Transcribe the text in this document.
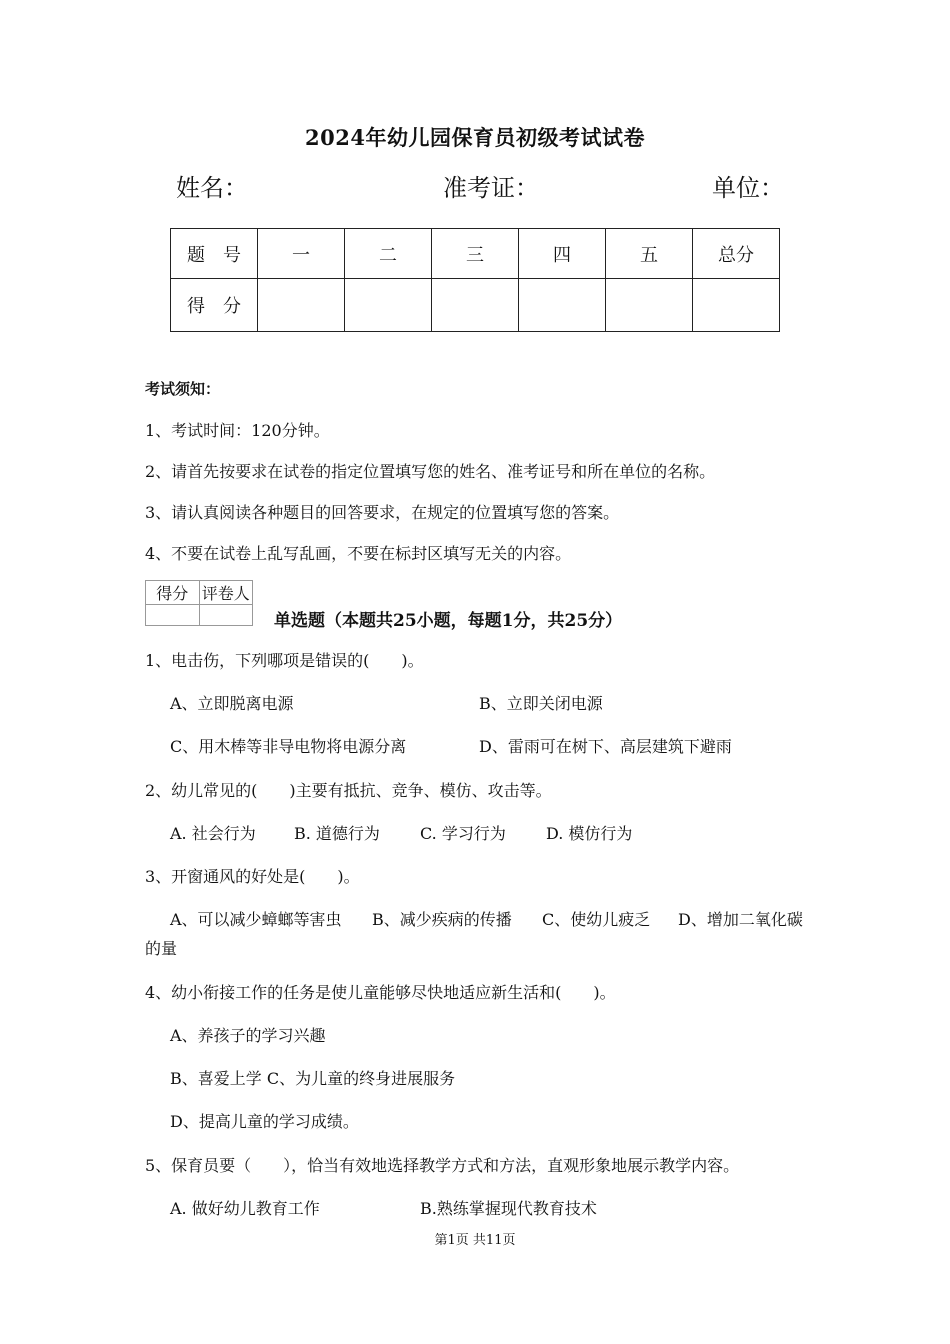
2024年幼儿园保育员初级考试试卷
姓名：	准考证：	单位：
题　号	一	二	三	四	五	总分
得　分						
考试须知：
1、考试时间：120分钟。
2、请首先按要求在试卷的指定位置填写您的姓名、准考证号和所在单位的名称。
3、请认真阅读各种题目的回答要求，在规定的位置填写您的答案。
4、不要在试卷上乱写乱画，不要在标封区填写无关的内容。
得分	评卷人

单选题（本题共25小题，每题1分，共25分）
1、电击伤，下列哪项是错误的(　　)。
A、立即脱离电源	B、立即关闭电源
C、用木棒等非导电物将电源分离	D、雷雨可在树下、高层建筑下避雨
2、幼儿常见的(　　)主要有抵抗、竞争、模仿、攻击等。
A. 社会行为 B. 道德行为	C. 学习行为	D. 模仿行为
3、开窗通风的好处是(　　)。
A、可以减少蟑螂等害虫 B、减少疾病的传播 C、使幼儿疲乏 D、增加二氧化碳
的量
4、幼小衔接工作的任务是使儿童能够尽快地适应新生活和(　　)。
A、养孩子的学习兴趣
B、喜爱上学 C、为儿童的终身进展服务
D、提高儿童的学习成绩。
5、保育员要（　　），恰当有效地选择教学方式和方法，直观形象地展示教学内容。
A. 做好幼儿教育工作	B.熟练掌握现代教育技术
第1页 共11页
